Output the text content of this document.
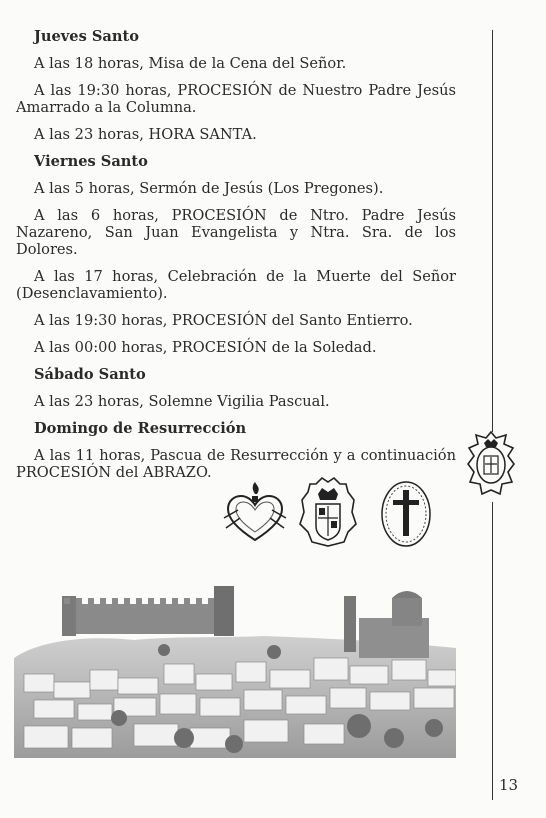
Jueves Santo

A las 18 horas, Misa de la Cena del Señor.

A las 19:30 horas, PROCESIÓN de Nuestro Padre Jesús Amarrado a la Columna.

A las 23 horas, HORA SANTA.

Viernes Santo

A las 5 horas, Sermón de Jesús (Los Pregones).

A las 6 horas, PROCESIÓN de Ntro. Padre Jesús Nazareno, San Juan Evangelista y Ntra. Sra. de los Dolores.

A las 17 horas, Celebración de la Muerte del Señor (Desenclavamiento).

A las 19:30 horas, PROCESIÓN del Santo Entierro.

A las 00:00 horas, PROCESIÓN de la Soledad.

Sábado Santo

A las 23 horas, Solemne Vigilia Pascual.

Domingo de Resurrección

A las 11 horas, Pascua de Resurrección y a continuación PROCESIÓN del ABRAZO.

13
